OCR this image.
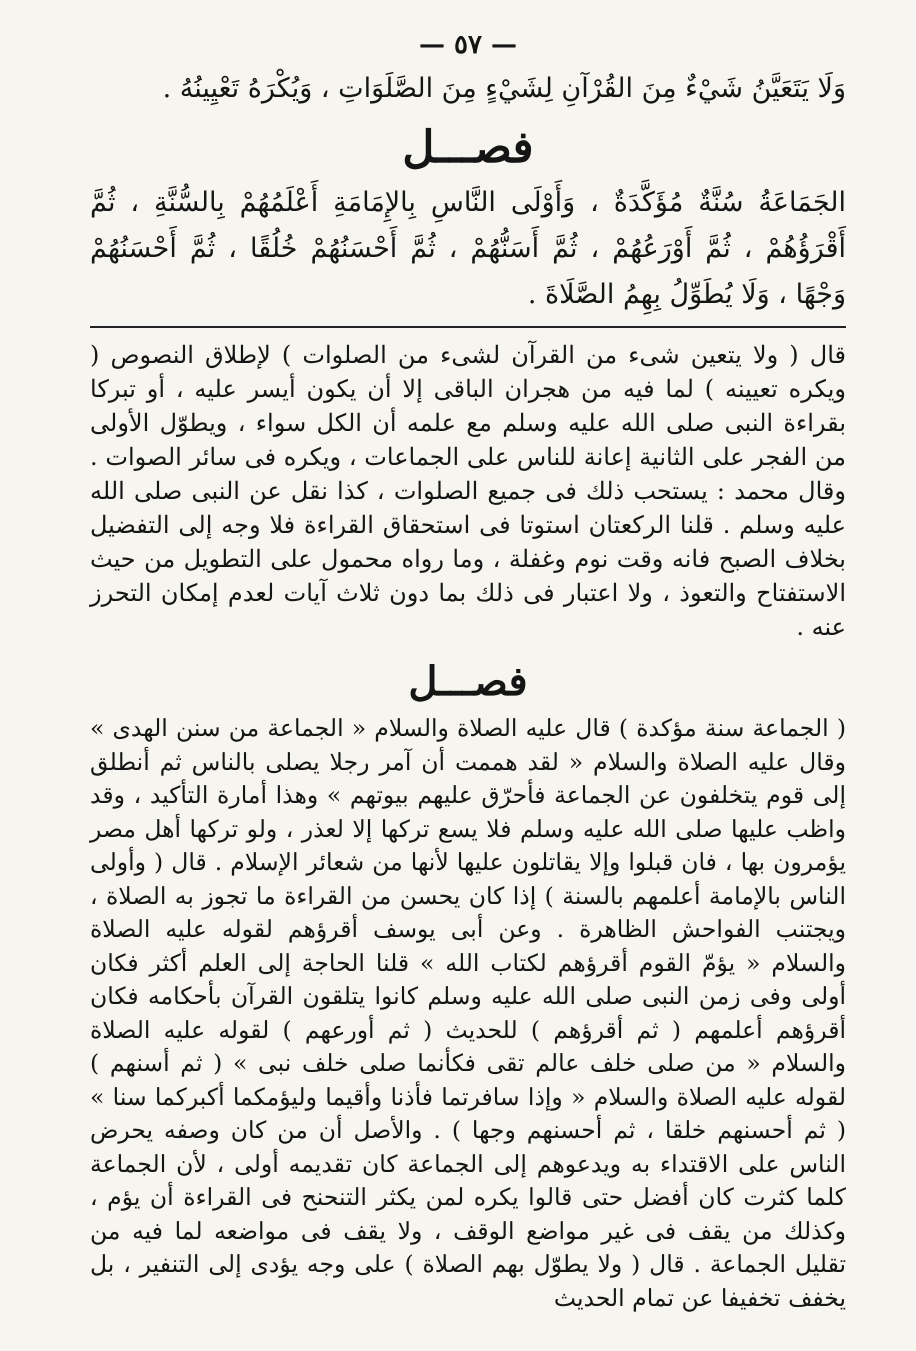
— ٥٧ —
وَلَا يَتَعَيَّنُ شَيْءٌ مِنَ القُرْآنِ لِشَيْءٍ مِنَ الصَّلَوَاتِ ، وَيُكْرَهُ تَعْيِينُهُ .
فصـــل
الجَمَاعَةُ سُنَّةٌ مُؤَكَّدَةٌ ، وَأَوْلَى النَّاسِ بِالإِمَامَةِ أَعْلَمُهُمْ بِالسُّنَّةِ ، ثُمَّ أَقْرَؤُهُمْ ، ثُمَّ أَوْرَعُهُمْ ، ثُمَّ أَسَنُّهُمْ ، ثُمَّ أَحْسَنُهُمْ خُلُقًا ، ثُمَّ أَحْسَنُهُمْ وَجْهًا ، وَلَا يُطَوِّلُ بِهِمُ الصَّلَاةَ .

قال ( ولا يتعين شىء من القرآن لشىء من الصلوات ) لإطلاق النصوص ( ويكره تعيينه ) لما فيه من هجران الباقى إلا أن يكون أيسر عليه ، أو تبركا بقراءة النبى صلى الله عليه وسلم مع علمه أن الكل سواء ، ويطوّل الأولى من الفجر على الثانية إعانة للناس على الجماعات ، ويكره فى سائر الصوات . وقال محمد : يستحب ذلك فى جميع الصلوات ، كذا نقل عن النبى صلى الله عليه وسلم . قلنا الركعتان استوتا فى استحقاق القراءة فلا وجه إلى التفضيل بخلاف الصبح فانه وقت نوم وغفلة ، وما رواه محمول على التطويل من حيث الاستفتاح والتعوذ ، ولا اعتبار فى ذلك بما دون ثلاث آيات لعدم إمكان التحرز عنه .

فصـــل

( الجماعة سنة مؤكدة ) قال عليه الصلاة والسلام « الجماعة من سنن الهدى » وقال عليه الصلاة والسلام « لقد هممت أن آمر رجلا يصلى بالناس ثم أنطلق إلى قوم يتخلفون عن الجماعة فأحرّق عليهم بيوتهم » وهذا أمارة التأكيد ، وقد واظب عليها صلى الله عليه وسلم فلا يسع تركها إلا لعذر ، ولو تركها أهل مصر يؤمرون بها ، فان قبلوا وإلا يقاتلون عليها لأنها من شعائر الإسلام . قال ( وأولى الناس بالإمامة أعلمهم بالسنة ) إذا كان يحسن من القراءة ما تجوز به الصلاة ، ويجتنب الفواحش الظاهرة . وعن أبى يوسف أقرؤهم لقوله عليه الصلاة والسلام « يؤمّ القوم أقرؤهم لكتاب الله » قلنا الحاجة إلى العلم أكثر فكان أولى وفى زمن النبى صلى الله عليه وسلم كانوا يتلقون القرآن بأحكامه فكان أقرؤهم أعلمهم ( ثم أقرؤهم ) للحديث ( ثم أورعهم ) لقوله عليه الصلاة والسلام « من صلى خلف عالم تقى فكأنما صلى خلف نبى » ( ثم أسنهم ) لقوله عليه الصلاة والسلام « وإذا سافرتما فأذنا وأقيما وليؤمكما أكبركما سنا » ( ثم أحسنهم خلقا ، ثم أحسنهم وجها ) . والأصل أن من كان وصفه يحرض الناس على الاقتداء به ويدعوهم إلى الجماعة كان تقديمه أولى ، لأن الجماعة كلما كثرت كان أفضل حتى قالوا يكره لمن يكثر التنحنح فى القراءة أن يؤم ، وكذلك من يقف فى غير مواضع الوقف ، ولا يقف فى مواضعه لما فيه من تقليل الجماعة . قال ( ولا يطوّل بهم الصلاة ) على وجه يؤدى إلى التنفير ، بل يخفف تخفيفا عن تمام الحديث
